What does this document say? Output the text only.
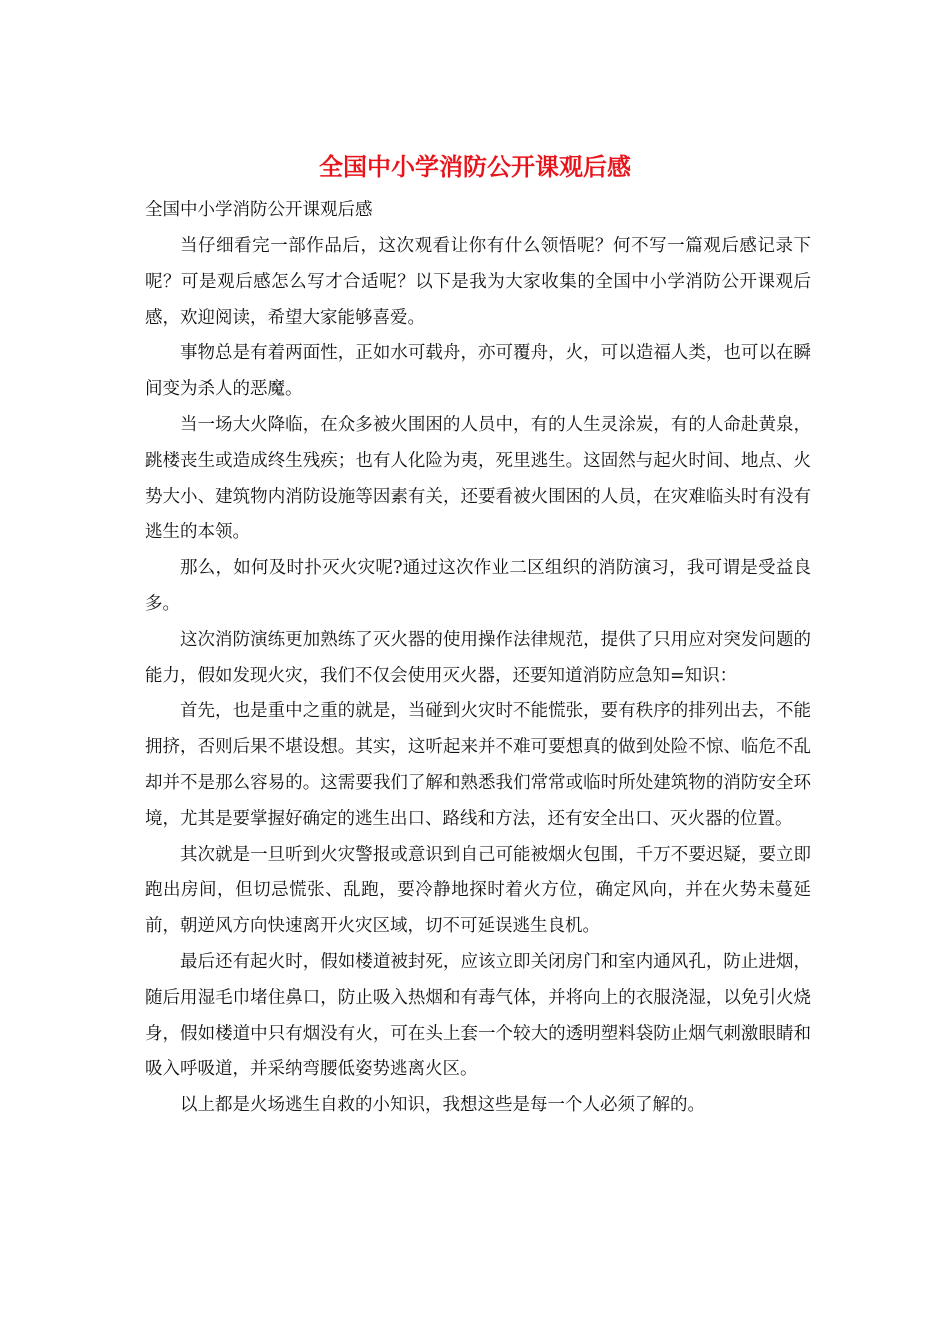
全国中小学消防公开课观后感
全国中小学消防公开课观后感

当仔细看完一部作品后，这次观看让你有什么领悟呢？何不写一篇观后感记录下呢？可是观后感怎么写才合适呢？以下是我为大家收集的全国中小学消防公开课观后感，欢迎阅读，希望大家能够喜爱。

事物总是有着两面性，正如水可载舟，亦可覆舟，火，可以造福人类，也可以在瞬间变为杀人的恶魔。

当一场大火降临，在众多被火围困的人员中，有的人生灵涂炭，有的人命赴黄泉，跳楼丧生或造成终生残疾；也有人化险为夷，死里逃生。这固然与起火时间、地点、火势大小、建筑物内消防设施等因素有关，还要看被火围困的人员，在灾难临头时有没有逃生的本领。

那么，如何及时扑灭火灾呢?通过这次作业二区组织的消防演习，我可谓是受益良多。

这次消防演练更加熟练了灭火器的使用操作法律规范，提供了只用应对突发问题的能力，假如发现火灾，我们不仅会使用灭火器，还要知道消防应急知=知识：

首先，也是重中之重的就是，当碰到火灾时不能慌张，要有秩序的排列出去，不能拥挤，否则后果不堪设想。其实，这听起来并不难可要想真的做到处险不惊、临危不乱却并不是那么容易的。这需要我们了解和熟悉我们常常或临时所处建筑物的消防安全环境，尤其是要掌握好确定的逃生出口、路线和方法，还有安全出口、灭火器的位置。

其次就是一旦听到火灾警报或意识到自己可能被烟火包围，千万不要迟疑，要立即跑出房间，但切忌慌张、乱跑，要冷静地探时着火方位，确定风向，并在火势未蔓延前，朝逆风方向快速离开火灾区域，切不可延误逃生良机。

最后还有起火时，假如楼道被封死，应该立即关闭房门和室内通风孔，防止进烟，随后用湿毛巾堵住鼻口，防止吸入热烟和有毒气体，并将向上的衣服浇湿，以免引火烧身，假如楼道中只有烟没有火，可在头上套一个较大的透明塑料袋防止烟气刺激眼睛和吸入呼吸道，并采纳弯腰低姿势逃离火区。

以上都是火场逃生自救的小知识，我想这些是每一个人必须了解的。
